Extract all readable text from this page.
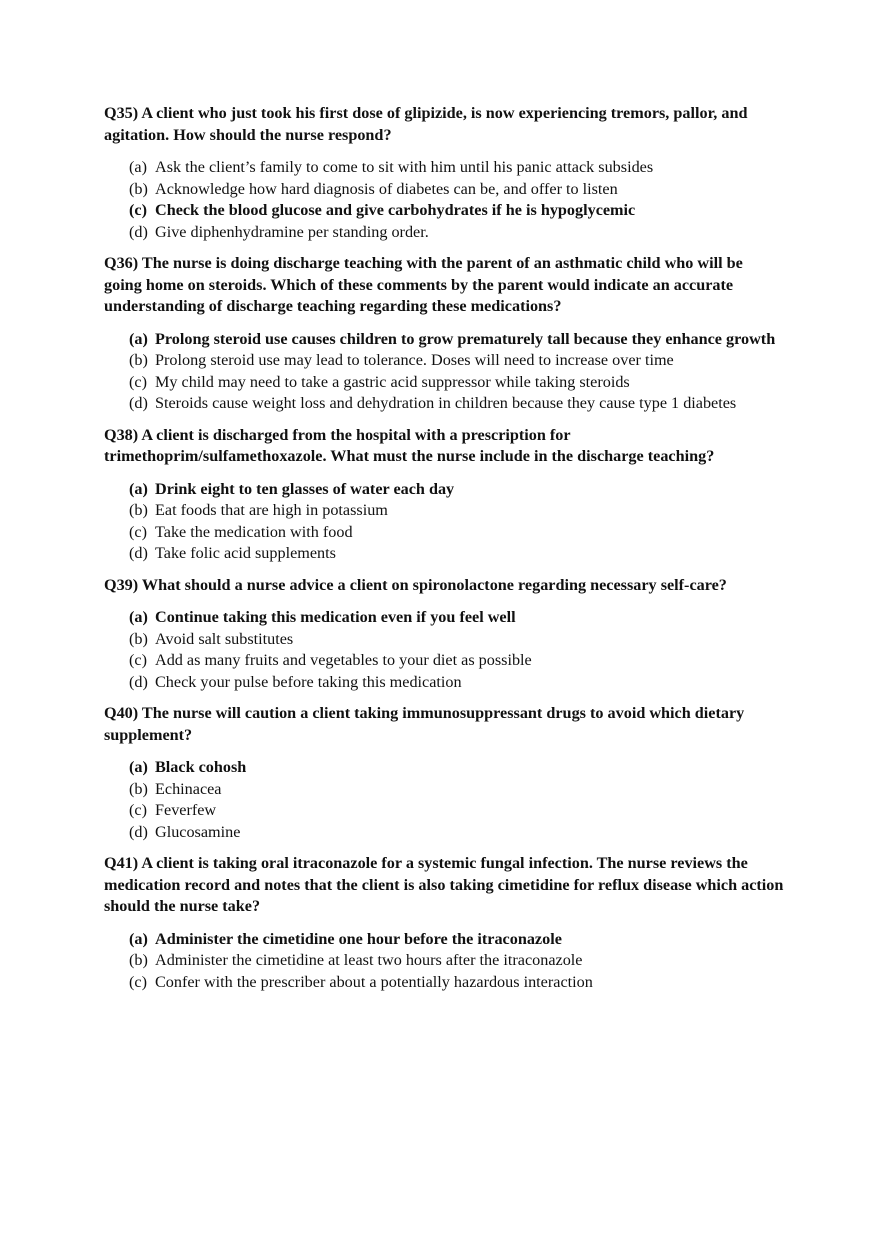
Q35) A client who just took his first dose of glipizide, is now experiencing tremors, pallor, and agitation. How should the nurse respond?

(a) Ask the client’s family to come to sit with him until his panic attack subsides
(b) Acknowledge how hard diagnosis of diabetes can be, and offer to listen
(c) Check the blood glucose and give carbohydrates if he is hypoglycemic
(d) Give diphenhydramine per standing order.

Q36) The nurse is doing discharge teaching with the parent of an asthmatic child who will be going home on steroids. Which of these comments by the parent would indicate an accurate understanding of discharge teaching regarding these medications?

(a) Prolong steroid use causes children to grow prematurely tall because they enhance growth
(b) Prolong steroid use may lead to tolerance. Doses will need to increase over time
(c) My child may need to take a gastric acid suppressor while taking steroids
(d) Steroids cause weight loss and dehydration in children because they cause type 1 diabetes

Q38) A client is discharged from the hospital with a prescription for trimethoprim/sulfamethoxazole. What must the nurse include in the discharge teaching?

(a) Drink eight to ten glasses of water each day
(b) Eat foods that are high in potassium
(c) Take the medication with food
(d) Take folic acid supplements

Q39) What should a nurse advice a client on spironolactone regarding necessary self-care?

(a) Continue taking this medication even if you feel well
(b) Avoid salt substitutes
(c) Add as many fruits and vegetables to your diet as possible
(d) Check your pulse before taking this medication

Q40) The nurse will caution a client taking immunosuppressant drugs to avoid which dietary supplement?

(a) Black cohosh
(b) Echinacea
(c) Feverfew
(d) Glucosamine

Q41) A client is taking oral itraconazole for a systemic fungal infection. The nurse reviews the medication record and notes that the client is also taking cimetidine for reflux disease which action should the nurse take?

(a) Administer the cimetidine one hour before the itraconazole
(b) Administer the cimetidine at least two hours after the itraconazole
(c) Confer with the prescriber about a potentially hazardous interaction
